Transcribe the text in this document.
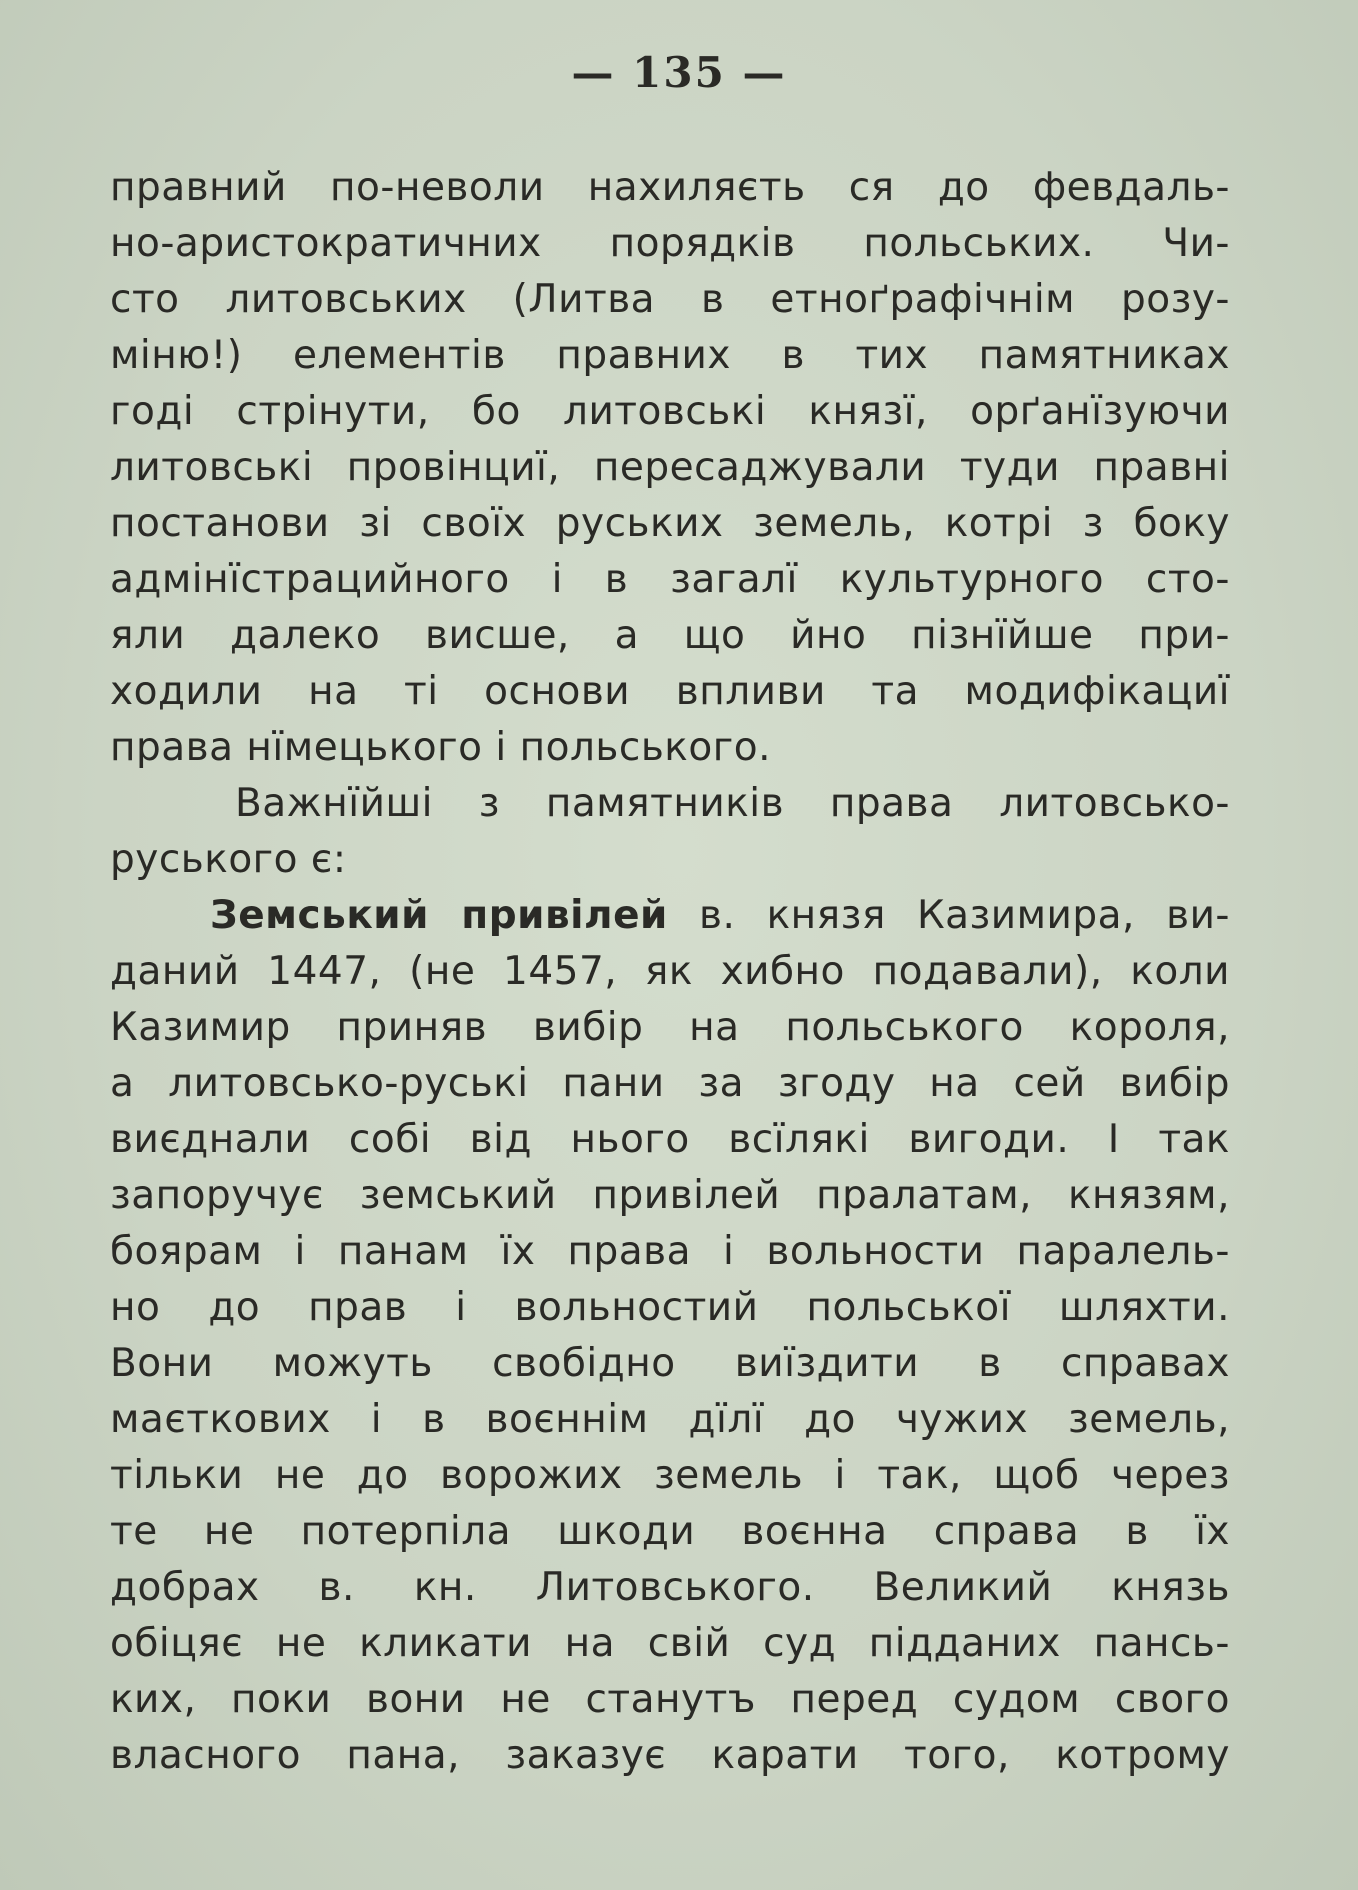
— 135 —
правний по-неволи нахиляєть ся до февдаль-
но-аристократичних порядків польських. Чи-
сто литовських (Литва в етноґрафічнім розу-
міню!) елементів правних в тих памятниках
годі стрінути, бо литовські князї, орґанїзуючи
литовські провінциї, пересаджували туди правні
постанови зі своїх руських земель, котрі з боку
адмінїстрацийного і в загалї культурного сто-
яли далеко висше, а що йно пізнїйше при-
ходили на ті основи впливи та модифікациї
права нїмецького і польського.
Важнїйші з памятників права литовсько-
руського є:
Земський привілей в. князя Казимира, ви-
даний 1447, (не 1457, як хибно подавали), коли
Казимир приняв вибір на польського короля,
а литовсько-руські пани за згоду на сей вибір
виєднали собі від нього всїлякі вигоди. І так
запоручує земський привілей пралатам, князям,
боярам і панам їх права і вольности паралель-
но до прав і вольностий польської шляхти.
Вони можуть свобідно виїздити в справах
маєткових і в воєннім дїлї до чужих земель,
тільки не до ворожих земель і так, щоб через
те не потерпіла шкоди воєнна справа в їх
добрах в. кн. Литовського. Великий князь
обіцяє не кликати на свій суд підданих пансь-
ких, поки вони не станутъ перед судом свого
власного пана, заказує карати того, котрому
